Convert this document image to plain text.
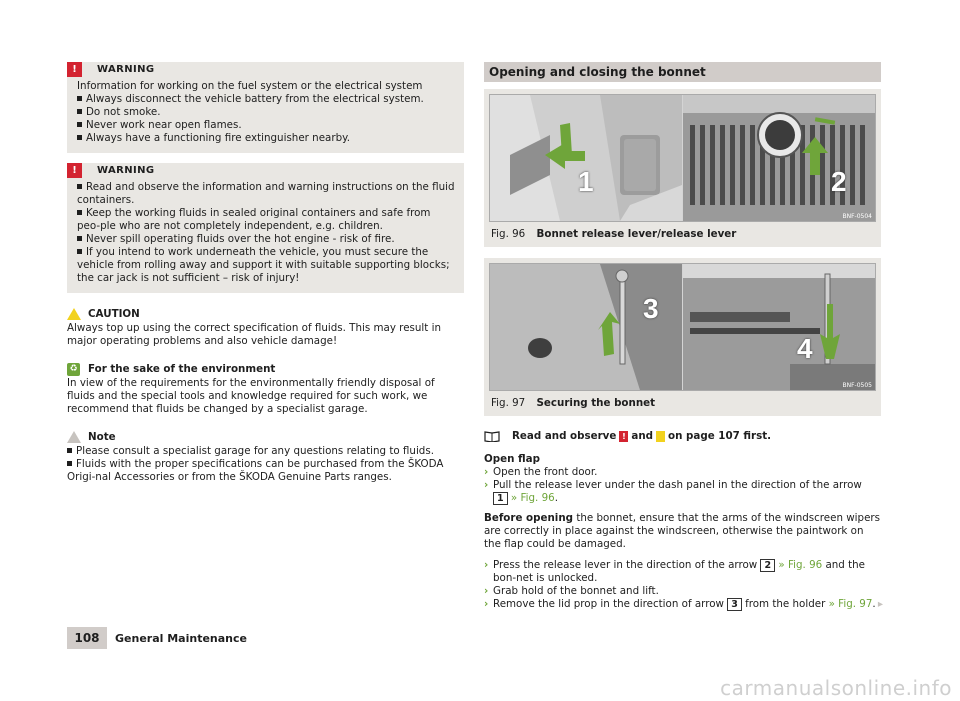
!	WARNING

Information for working on the fuel system or the electrical system

Always disconnect the vehicle battery from the electrical system.

Do not smoke.

Never work near open flames.

Always have a functioning fire extinguisher nearby.

!	WARNING

Read and observe the information and warning instructions on the fluid containers.

Keep the working fluids in sealed original containers and safe from peo-ple who are not completely independent, e.g. children.

Never spill operating fluids over the hot engine - risk of fire.

If you intend to work underneath the vehicle, you must secure the vehicle from rolling away and support it with suitable supporting blocks; the car jack is not sufficient – risk of injury!

CAUTION

Always top up using the correct specification of fluids. This may result in major operating problems and also vehicle damage!

♻ For the sake of the environment

In view of the requirements for the environmentally friendly disposal of fluids and the special tools and knowledge required for such work, we recommend that fluids be changed by a specialist garage.

Note

Please consult a specialist garage for any questions relating to fluids.

Fluids with the proper specifications can be purchased from the ŠKODA Origi-nal Accessories or from the ŠKODA Genuine Parts ranges.

Opening and closing the bonnet
1	2
BNF-0504
Fig. 96 Bonnet release lever/release lever
3
4
BNF-0505
Fig. 97 Securing the bonnet
Read and observe ! and on page 107 first.
Open flap
› Open the front door.
› Pull the release lever under the dash panel in the direction of the arrow
1 » Fig. 96.

Before opening the bonnet, ensure that the arms of the windscreen wipers are correctly in place against the windscreen, otherwise the paintwork on the flap could be damaged.

› Press the release lever in the direction of the arrow 2 » Fig. 96 and the bon-net is unlocked.
› Grab hold of the bonnet and lift.
› Remove the lid prop in the direction of arrow 3 from the holder » Fig. 97. ▸
108	General Maintenance
carmanualsonline.info
